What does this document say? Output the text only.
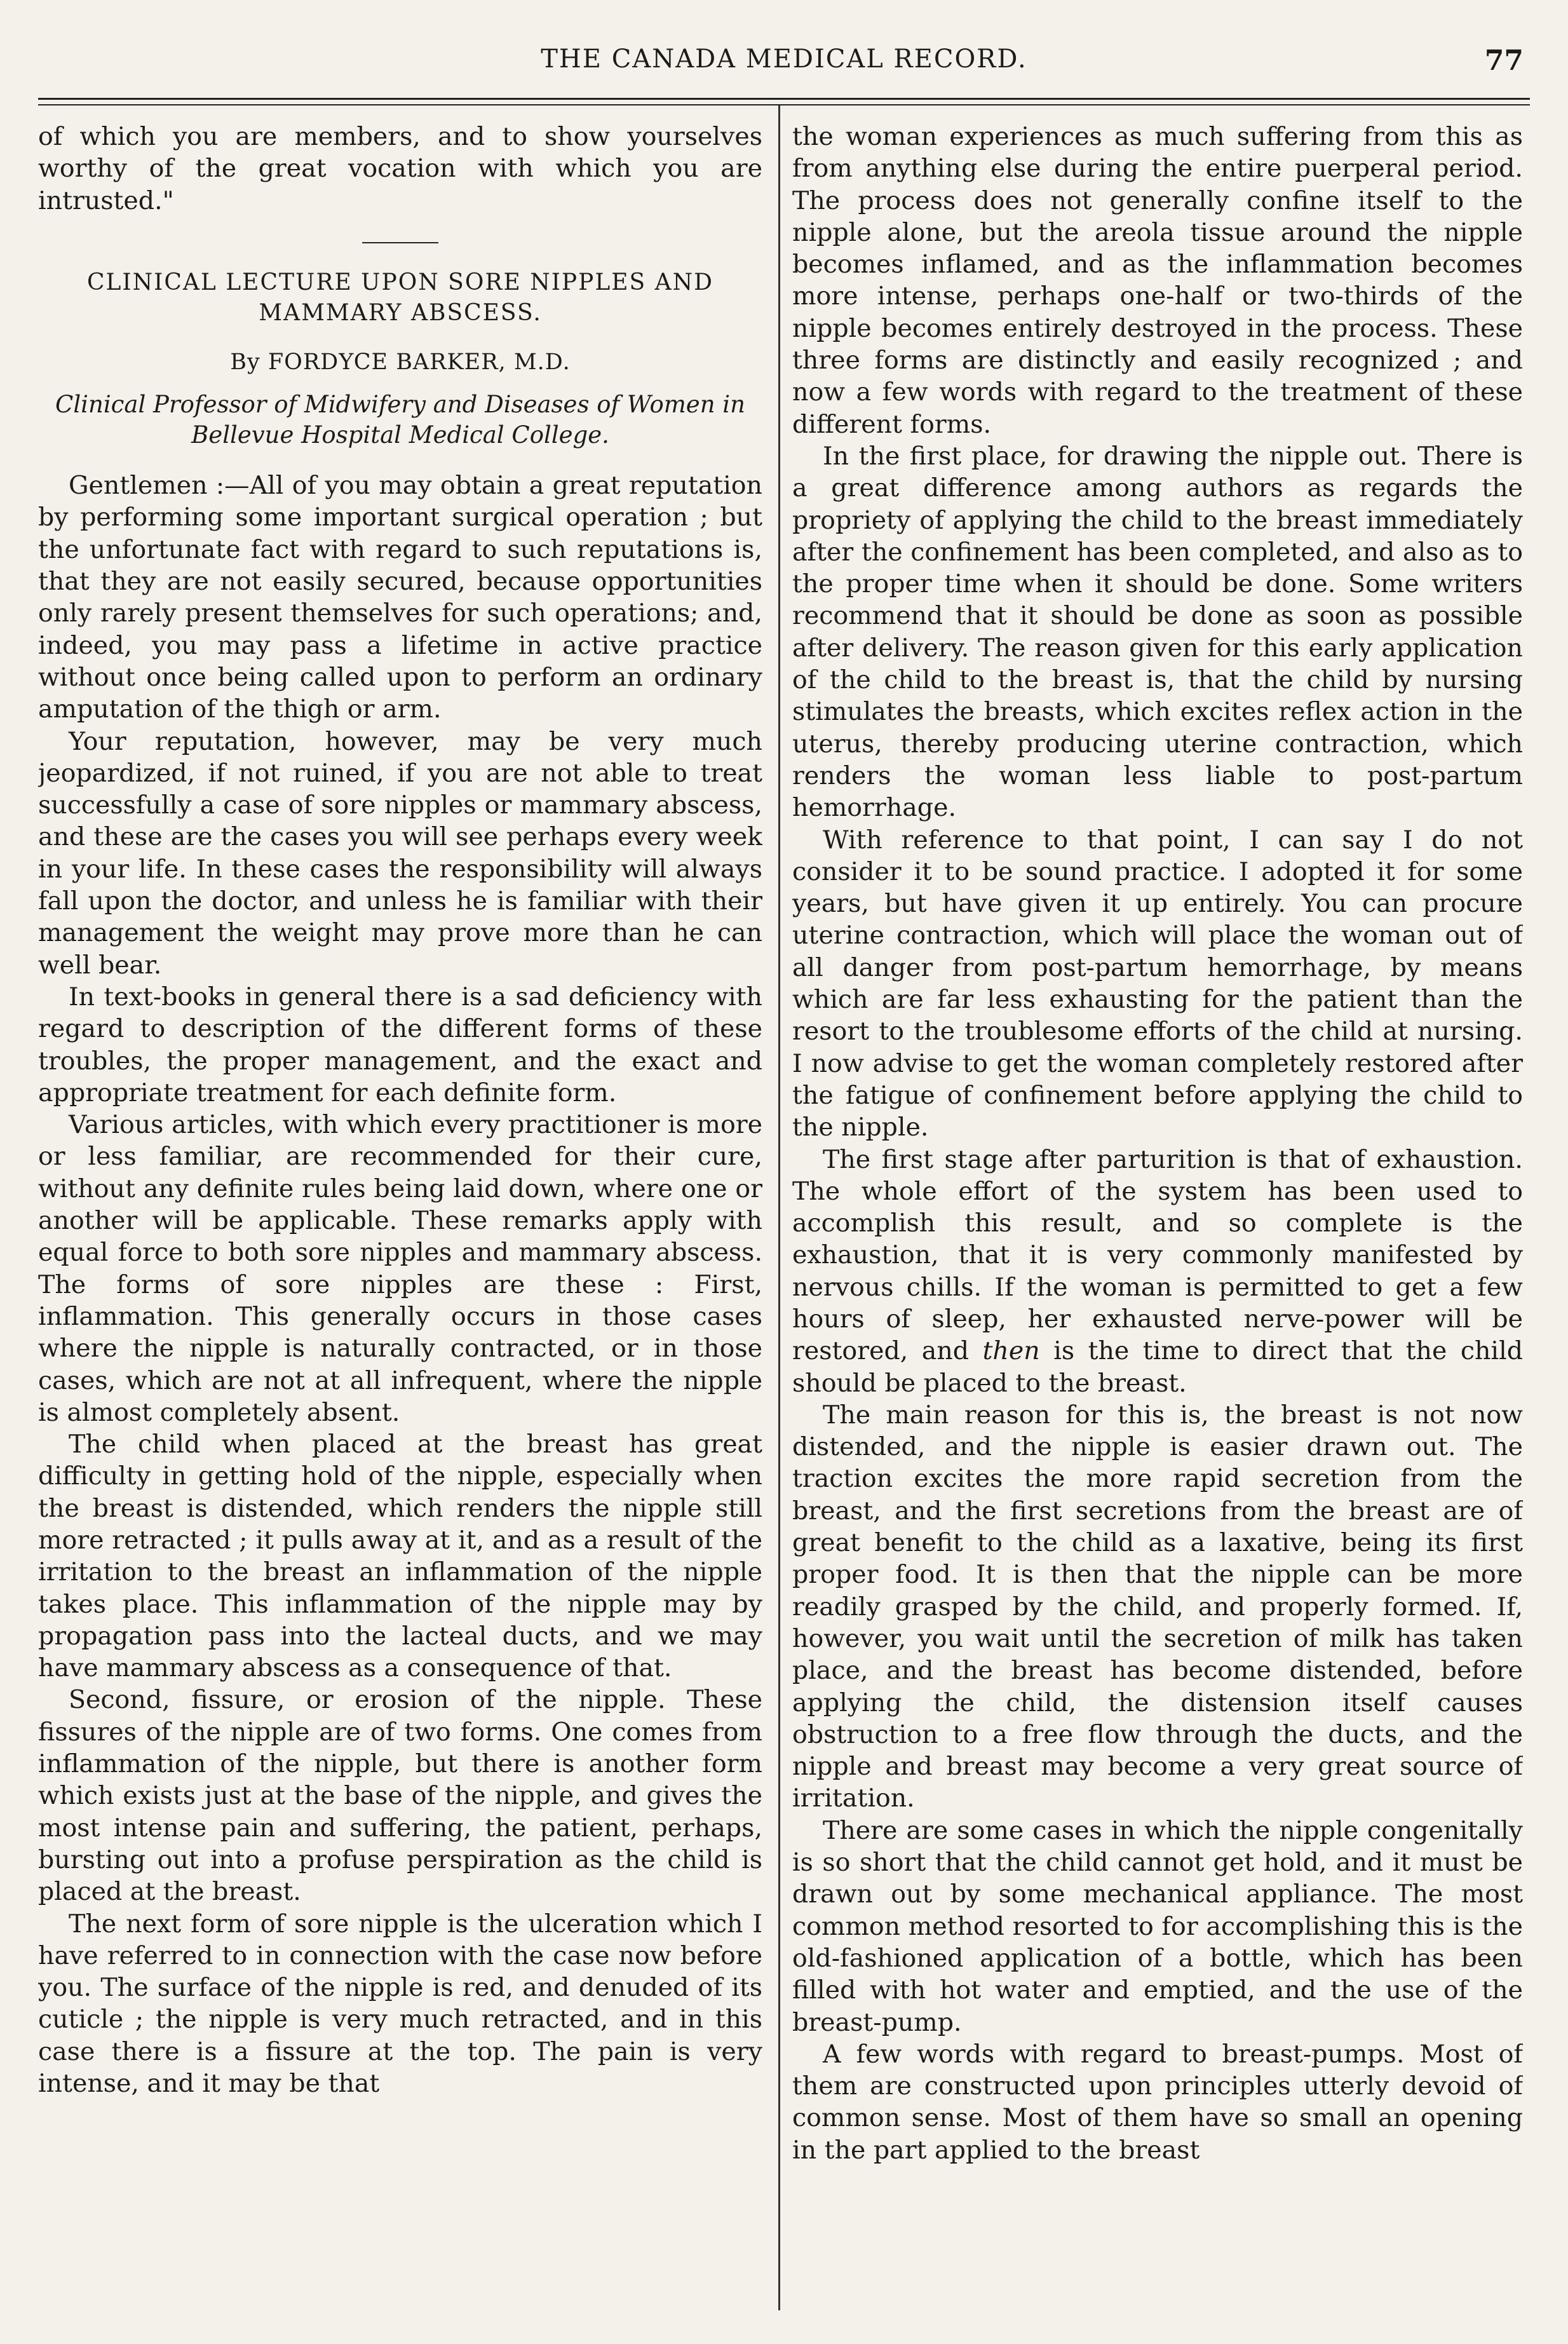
THE CANADA MEDICAL RECORD.	77

of which you are members, and to show yourselves worthy of the great vocation with which you are intrusted."

CLINICAL LECTURE UPON SORE NIPPLES AND MAMMARY ABSCESS.
By FORDYCE BARKER, M.D.
Clinical Professor of Midwifery and Diseases of Women in Bellevue Hospital Medical College.

Gentlemen :—All of you may obtain a great reputation by performing some important surgical operation ; but the unfortunate fact with regard to such reputations is, that they are not easily secured, because opportunities only rarely present themselves for such operations; and, indeed, you may pass a lifetime in active practice without once being called upon to perform an ordinary amputation of the thigh or arm.

Your reputation, however, may be very much jeopardized, if not ruined, if you are not able to treat successfully a case of sore nipples or mammary abscess, and these are the cases you will see perhaps every week in your life. In these cases the responsibility will always fall upon the doctor, and unless he is familiar with their management the weight may prove more than he can well bear.

In text-books in general there is a sad deficiency with regard to description of the different forms of these troubles, the proper management, and the exact and appropriate treatment for each definite form.

Various articles, with which every practitioner is more or less familiar, are recommended for their cure, without any definite rules being laid down, where one or another will be applicable. These remarks apply with equal force to both sore nipples and mammary abscess. The forms of sore nipples are these : First, inflammation. This generally occurs in those cases where the nipple is naturally contracted, or in those cases, which are not at all infrequent, where the nipple is almost completely absent.

The child when placed at the breast has great difficulty in getting hold of the nipple, especially when the breast is distended, which renders the nipple still more retracted ; it pulls away at it, and as a result of the irritation to the breast an inflammation of the nipple takes place. This inflammation of the nipple may by propagation pass into the lacteal ducts, and we may have mammary abscess as a consequence of that.

Second, fissure, or erosion of the nipple. These fissures of the nipple are of two forms. One comes from inflammation of the nipple, but there is another form which exists just at the base of the nipple, and gives the most intense pain and suffering, the patient, perhaps, bursting out into a profuse perspiration as the child is placed at the breast.

The next form of sore nipple is the ulceration which I have referred to in connection with the case now before you. The surface of the nipple is red, and denuded of its cuticle ; the nipple is very much retracted, and in this case there is a fissure at the top. The pain is very intense, and it may be that

the woman experiences as much suffering from this as from anything else during the entire puerperal period. The process does not generally confine itself to the nipple alone, but the areola tissue around the nipple becomes inflamed, and as the inflammation becomes more intense, perhaps one-half or two-thirds of the nipple becomes entirely destroyed in the process. These three forms are distinctly and easily recognized ; and now a few words with regard to the treatment of these different forms.

In the first place, for drawing the nipple out. There is a great difference among authors as regards the propriety of applying the child to the breast immediately after the confinement has been completed, and also as to the proper time when it should be done. Some writers recommend that it should be done as soon as possible after delivery. The reason given for this early application of the child to the breast is, that the child by nursing stimulates the breasts, which excites reflex action in the uterus, thereby producing uterine contraction, which renders the woman less liable to post-partum hemorrhage.

With reference to that point, I can say I do not consider it to be sound practice. I adopted it for some years, but have given it up entirely. You can procure uterine contraction, which will place the woman out of all danger from post-partum hemorrhage, by means which are far less exhausting for the patient than the resort to the troublesome efforts of the child at nursing. I now advise to get the woman completely restored after the fatigue of confinement before applying the child to the nipple.

The first stage after parturition is that of exhaustion. The whole effort of the system has been used to accomplish this result, and so complete is the exhaustion, that it is very commonly manifested by nervous chills. If the woman is permitted to get a few hours of sleep, her exhausted nerve-power will be restored, and then is the time to direct that the child should be placed to the breast.

The main reason for this is, the breast is not now distended, and the nipple is easier drawn out. The traction excites the more rapid secretion from the breast, and the first secretions from the breast are of great benefit to the child as a laxative, being its first proper food. It is then that the nipple can be more readily grasped by the child, and properly formed. If, however, you wait until the secretion of milk has taken place, and the breast has become distended, before applying the child, the distension itself causes obstruction to a free flow through the ducts, and the nipple and breast may become a very great source of irritation.

There are some cases in which the nipple congenitally is so short that the child cannot get hold, and it must be drawn out by some mechanical appliance. The most common method resorted to for accomplishing this is the old-fashioned application of a bottle, which has been filled with hot water and emptied, and the use of the breast-pump.

A few words with regard to breast-pumps. Most of them are constructed upon principles utterly devoid of common sense. Most of them have so small an opening in the part applied to the breast
